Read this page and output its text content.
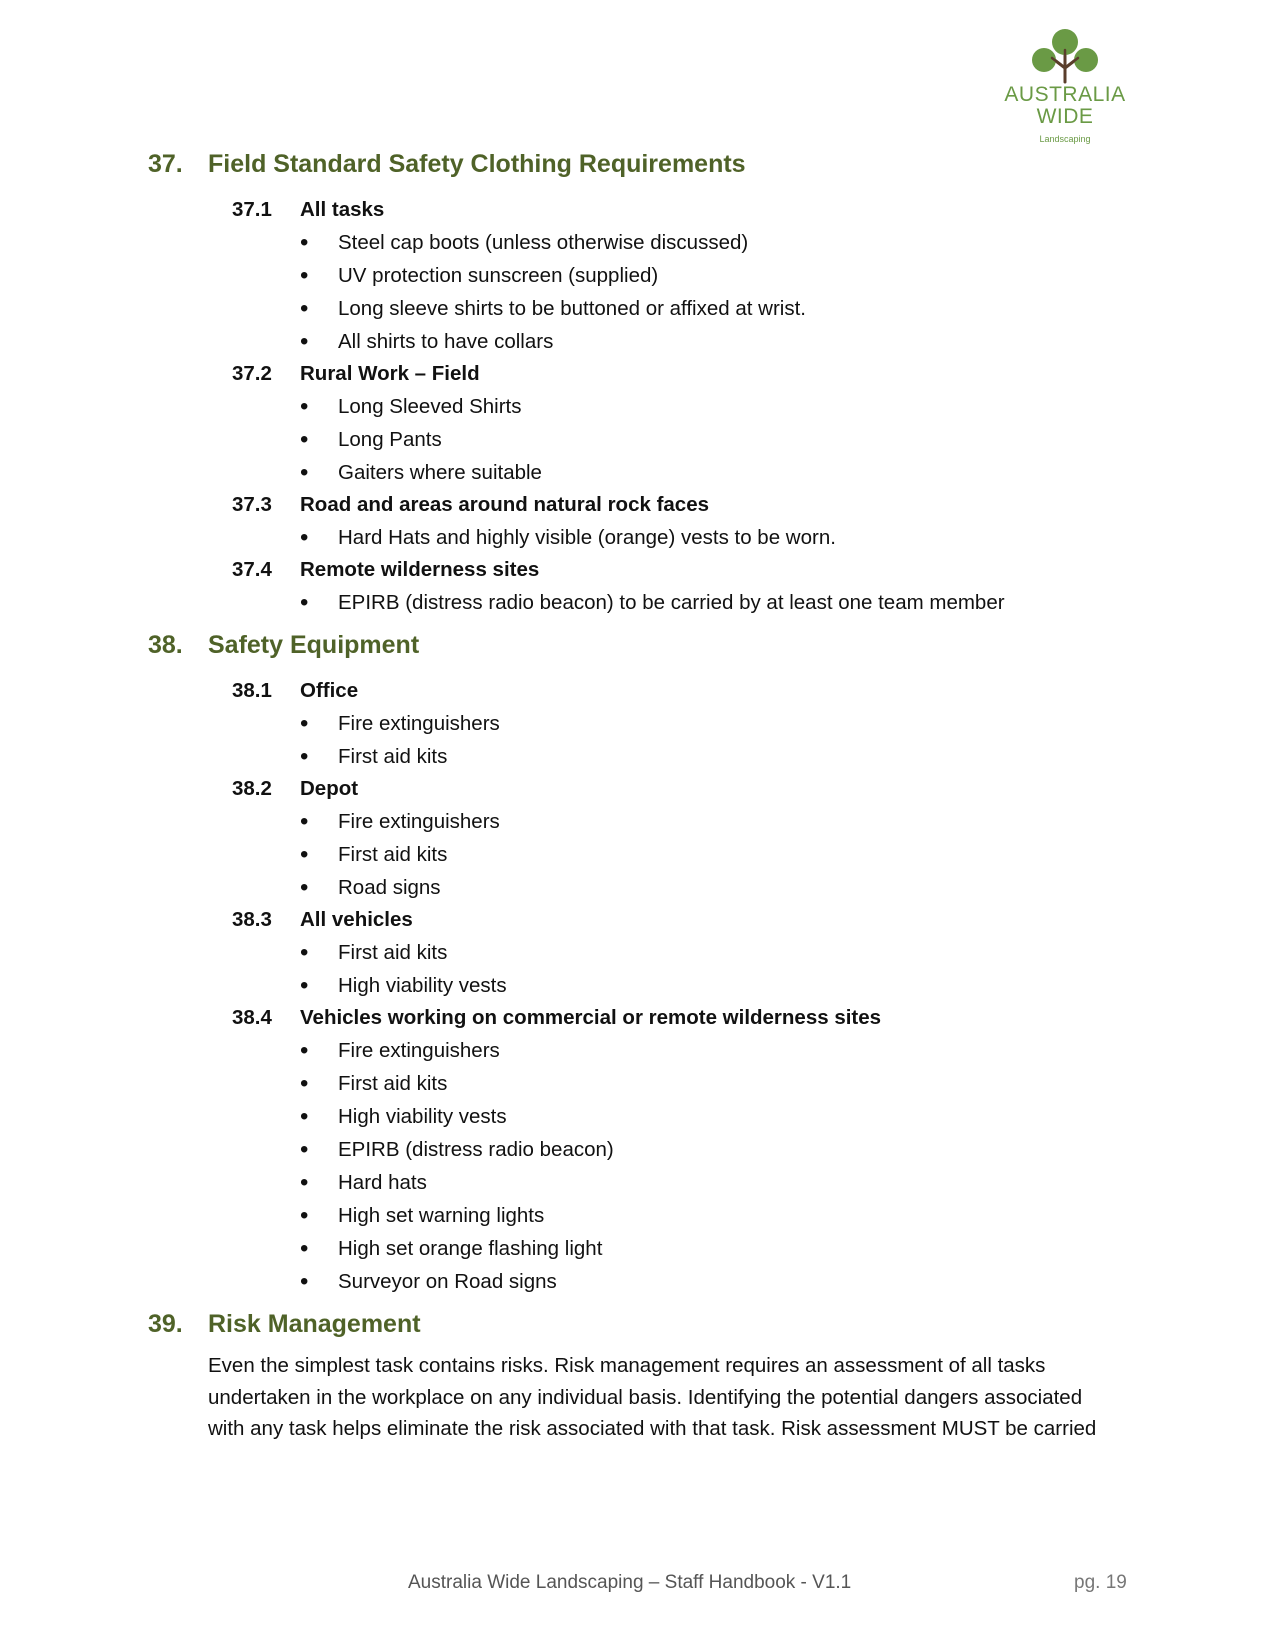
AUSTRALIA
WIDE
Landscaping
37.	Field Standard Safety Clothing Requirements
37.1	All tasks
• Steel cap boots (unless otherwise discussed)
• UV protection sunscreen (supplied)
• Long sleeve shirts to be buttoned or affixed at wrist.
• All shirts to have collars
37.2	Rural Work – Field
• Long Sleeved Shirts
• Long Pants
• Gaiters where suitable
37.3	Road and areas around natural rock faces
• Hard Hats and highly visible (orange) vests to be worn.
37.4	Remote wilderness sites
• EPIRB (distress radio beacon) to be carried by at least one team member
38.	Safety Equipment
38.1	Office
• Fire extinguishers
• First aid kits
38.2	Depot
• Fire extinguishers
• First aid kits
• Road signs
38.3	All vehicles
• First aid kits
• High viability vests
38.4	Vehicles working on commercial or remote wilderness sites
• Fire extinguishers
• First aid kits
• High viability vests
• EPIRB (distress radio beacon)
• Hard hats
• High set warning lights
• High set orange flashing light
• Surveyor on Road signs
39.	Risk Management

Even the simplest task contains risks. Risk management requires an assessment of all tasks undertaken in the workplace on any individual basis. Identifying the potential dangers associated with any task helps eliminate the risk associated with that task. Risk assessment MUST be carried

Australia Wide Landscaping – Staff Handbook - V1.1	pg. 19
